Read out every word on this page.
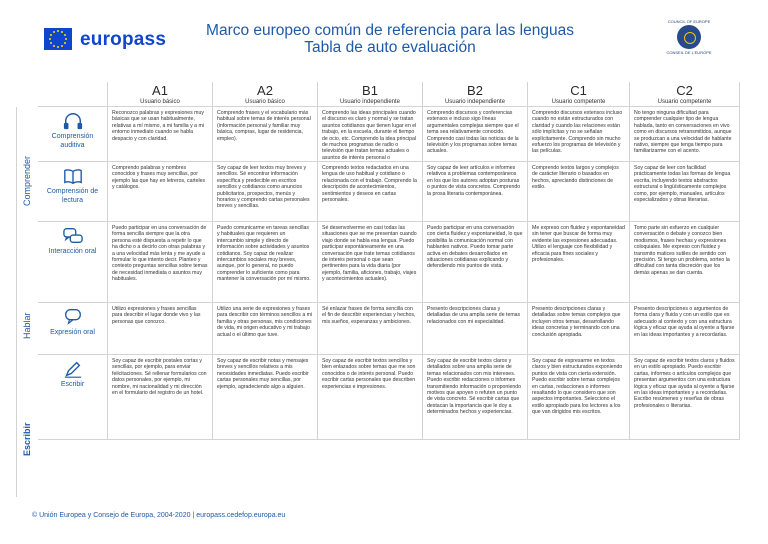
europass	Marco europeo común de referencia para las lenguas
Tabla de auto evaluación
COUNCIL OF EUROPE
CONSEIL DE L'EUROPE
Comprender
Hablar
Escribir
A1
Usuario básico
A2
Usuario básico
B1
Usuario independiente
B2
Usuario independiente
C1
Usuario competente
C2
Usuario competente
Comprensión auditiva
Reconozco palabras y expresiones muy básicas que se usan habitualmente, relativas a mí mismo, a mi familia y a mi entorno inmediato cuando se habla despacio y con claridad.
Comprendo frases y el vocabulario más habitual sobre temas de interés personal (información personal y familiar muy básica, compras, lugar de residencia, empleo).
Comprendo las ideas principales cuando el discurso es claro y normal y se tratan asuntos cotidianos que tienen lugar en el trabajo, en la escuela, durante el tiempo de ocio, etc. Comprendo la idea principal de muchos programas de radio o televisión que tratan temas actuales o asuntos de interés personal o
Comprendo discursos y conferencias extensos e incluso sigo líneas argumentales complejas siempre que el tema sea relativamente conocido. Comprendo casi todas las noticias de la televisión y los programas sobre temas actuales.
Comprendo discursos extensos incluso cuando no están estructurados con claridad y cuando las relaciones están sólo implícitas y no se señalan explícitamente. Comprendo sin mucho esfuerzo los programas de televisión y las películas.
No tengo ninguna dificultad para comprender cualquier tipo de lengua hablada, tanto en conversaciones en vivo como en discursos retransmitidos, aunque se produzcan a una velocidad de hablante nativo, siempre que tenga tiempo para familiarizarme con el acento.
Comprensión de lectura
Comprendo palabras y nombres conocidos y frases muy sencillas, por ejemplo las que hay en letreros, carteles y catálogos.
Soy capaz de leer textos muy breves y sencillos. Sé encontrar información específica y predecible en escritos sencillos y cotidianos como anuncios publicitarios, prospectos, menús y horarios y comprendo cartas personales breves y sencillas.
Comprendo textos redactados en una lengua de uso habitual y cotidiano o relacionada con el trabajo. Comprendo la descripción de acontecimientos, sentimientos y deseos en cartas personales.
Soy capaz de leer artículos e informes relativos a problemas contemporáneos en los que los autores adoptan posturas o puntos de vista concretos. Comprendo la prosa literaria contemporánea.
Comprendo textos largos y complejos de carácter literario o basados en hechos, apreciando distinciones de estilo.
Soy capaz de leer con facilidad prácticamente todas las formas de lengua escrita, incluyendo textos abstractos estructural o lingüísticamente complejos como, por ejemplo, manuales, artículos especializados y obras literarias.
Interacción oral
Puedo participar en una conversación de forma sencilla siempre que la otra persona esté dispuesta a repetir lo que ha dicho o a decirlo con otras palabras y a una velocidad más lenta y me ayude a formular lo que intento decir. Planteo y contesto preguntas sencillas sobre temas de necesidad inmediata o asuntos muy habituales.
Puedo comunicarme en tareas sencillas y habituales que requieren un intercambio simple y directo de información sobre actividades y asuntos cotidianos. Soy capaz de realizar intercambios sociales muy breves, aunque, por lo general, no puedo comprender lo suficiente como para mantener la conversación por mí mismo.
Sé desenvolverme en casi todas las situaciones que se me presentan cuando viajo donde se habla esa lengua. Puedo participar espontáneamente en una conversación que trate temas cotidianos de interés personal o que sean pertinentes para la vida diaria (por ejemplo, familia, aficiones, trabajo, viajes y acontecimientos actuales).
Puedo participar en una conversación con cierta fluidez y espontaneidad, lo que posibilita la comunicación normal con hablantes nativos. Puedo tomar parte activa en debates desarrollados en situaciones cotidianas explicando y defendiendo mis puntos de vista.
Me expreso con fluidez y espontaneidad sin tener que buscar de forma muy evidente las expresiones adecuadas. Utilizo el lenguaje con flexibilidad y eficacia para fines sociales y profesionales.
Tomo parte sin esfuerzo en cualquier conversación o debate y conozco bien modismos, frases hechas y expresiones coloquiales. Me expreso con fluidez y transmito matices sutiles de sentido con precisión. Si tengo un problema, sorteo la dificultad con tanta discreción que los demás apenas se dan cuenta.
Expresión oral
Utilizo expresiones y frases sencillas para describir el lugar donde vivo y las personas que conozco.
Utilizo una serie de expresiones y frases para describir con términos sencillos a mi familia y otras personas, mis condiciones de vida, mi origen educativo y mi trabajo actual o el último que tuve.
Sé enlazar frases de forma sencilla con el fin de describir experiencias y hechos, mis sueños, esperanzas y ambiciones.
Presento descripciones claras y detalladas de una amplia serie de temas relacionados con mi especialidad.
Presento descripciones claras y detalladas sobre temas complejos que incluyen otros temas, desarrollando ideas concretas y terminando con una conclusión apropiada.
Presento descripciones o argumentos de forma clara y fluida y con un estilo que es adecuado al contexto y con una estructura lógica y eficaz que ayuda al oyente a fijarse en las ideas importantes y a recordarlas.
Escribir
Soy capaz de escribir postales cortas y sencillas, por ejemplo, para enviar felicitaciones. Sé rellenar formularios con datos personales, por ejemplo, mi nombre, mi nacionalidad y mi dirección en el formulario del registro de un hotel.
Soy capaz de escribir notas y mensajes breves y sencillos relativos a mis necesidades inmediatas. Puedo escribir cartas personales muy sencillas, por ejemplo, agradeciendo algo a alguien.
Soy capaz de escribir textos sencillos y bien enlazados sobre temas que me son conocidos o de interés personal. Puedo escribir cartas personales que describen experiencias e impresiones.
Soy capaz de escribir textos claros y detallados sobre una amplia serie de temas relacionados con mis intereses. Puedo escribir redacciones o informes transmitiendo información o proponiendo motivos que apoyen o refuten un punto de vista concreto. Sé escribir cartas que destacan la importancia que le doy a determinados hechos y experiencias.
Soy capaz de expresarme en textos claros y bien estructurados exponiendo puntos de vista con cierta extensión. Puedo escribir sobre temas complejos en cartas, redacciones o informes resaltando lo que considero que son aspectos importantes. Selecciono el estilo apropiado para los lectores a los que van dirigidos mis escritos.
Soy capaz de escribir textos claros y fluidos en un estilo apropiado. Puedo escribir cartas, informes o artículos complejos que presentan argumentos con una estructura lógica y eficaz que ayuda al oyente a fijarse en las ideas importantes y a recordarlas. Escribo resúmenes y reseñas de obras profesionales o literarias.
© Unión Europea y Consejo de Europa, 2004-2020 | europass.cedefop.europa.eu
